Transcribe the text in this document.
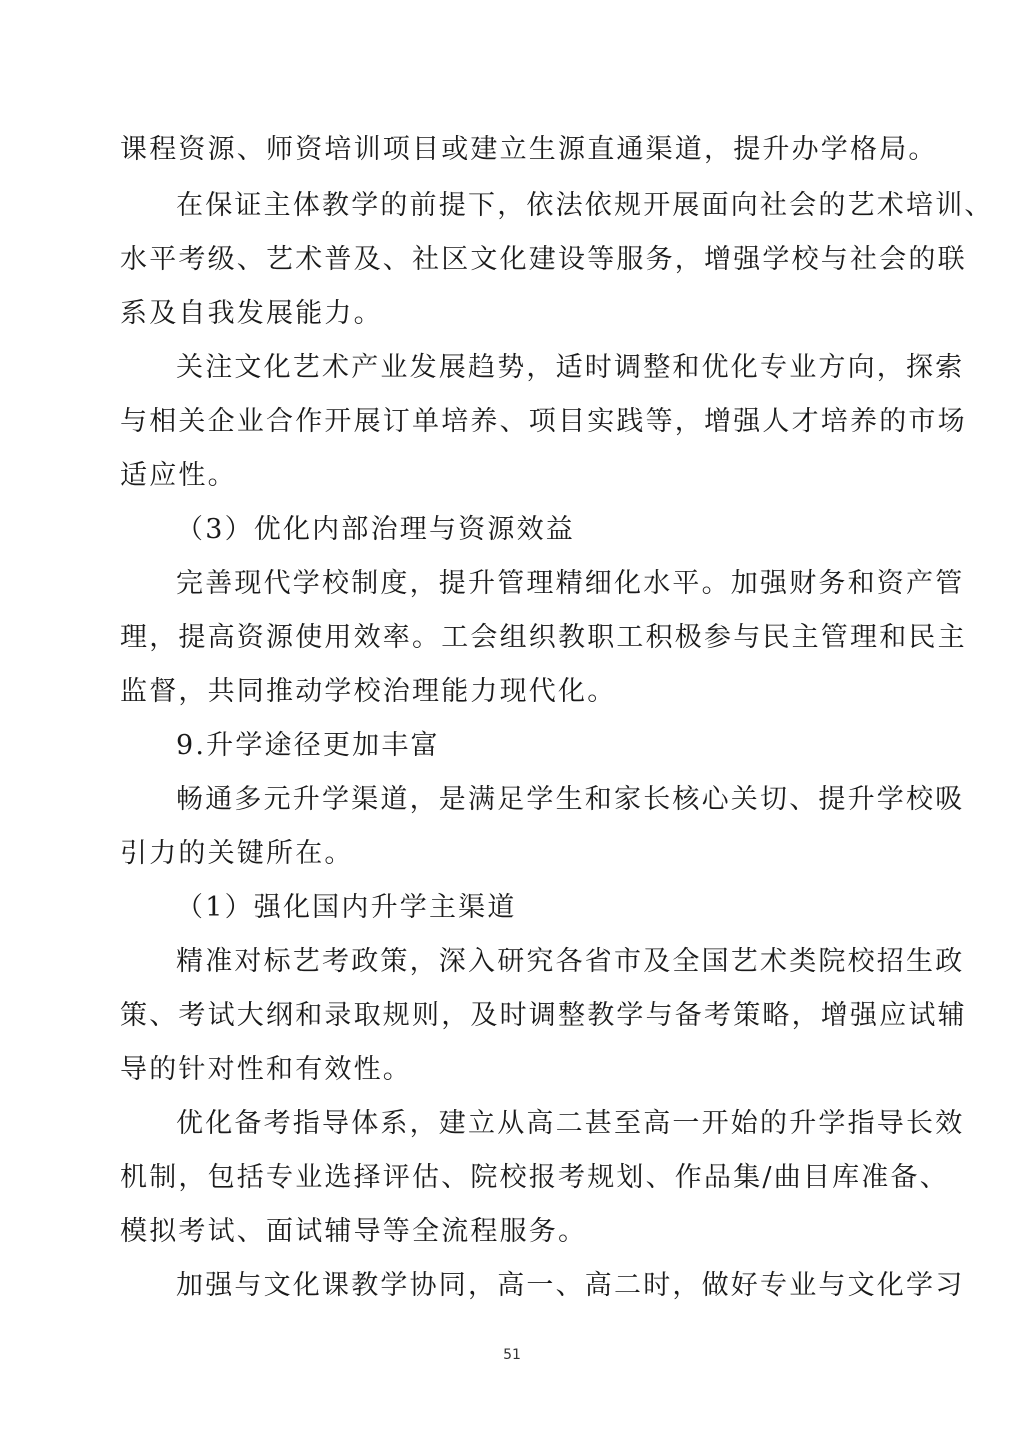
课程资源、师资培训项目或建立生源直通渠道，提升办学格局。
在保证主体教学的前提下，依法依规开展面向社会的艺术培训、
水平考级、艺术普及、社区文化建设等服务，增强学校与社会的联
系及自我发展能力。
关注文化艺术产业发展趋势，适时调整和优化专业方向，探索
与相关企业合作开展订单培养、项目实践等，增强人才培养的市场
适应性。
（3）优化内部治理与资源效益
完善现代学校制度，提升管理精细化水平。加强财务和资产管
理，提高资源使用效率。工会组织教职工积极参与民主管理和民主
监督，共同推动学校治理能力现代化。
9.升学途径更加丰富
畅通多元升学渠道，是满足学生和家长核心关切、提升学校吸
引力的关键所在。
（1）强化国内升学主渠道
精准对标艺考政策，深入研究各省市及全国艺术类院校招生政
策、考试大纲和录取规则，及时调整教学与备考策略，增强应试辅
导的针对性和有效性。
优化备考指导体系，建立从高二甚至高一开始的升学指导长效
机制，包括专业选择评估、院校报考规划、作品集/曲目库准备、
模拟考试、面试辅导等全流程服务。
加强与文化课教学协同，高一、高二时，做好专业与文化学习
51
